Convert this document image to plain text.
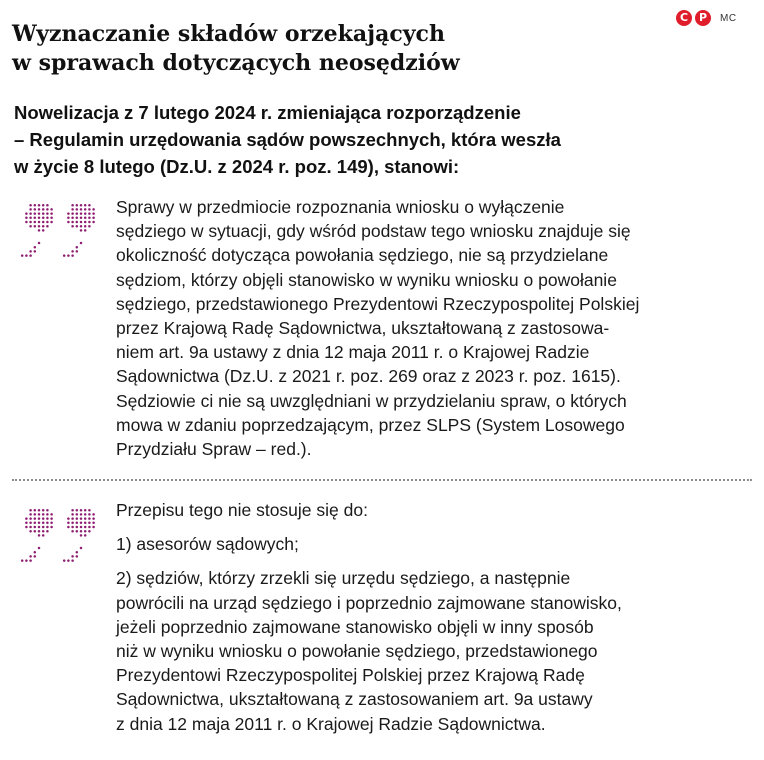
C P	MC
Wyznaczanie składów orzekających
w sprawach dotyczących neosędziów

Nowelizacja z 7 lutego 2024 r. zmieniająca rozporządzenie
– Regulamin urzędowania sądów powszechnych, która weszła
w życie 8 lutego (Dz.U. z 2024 r. poz. 149), stanowi:

Sprawy w przedmiocie rozpoznania wniosku o wyłączenie
sędziego w sytuacji, gdy wśród podstaw tego wniosku znajduje się
okoliczność dotycząca powołania sędziego, nie są przydzielane
sędziom, którzy objęli stanowisko w wyniku wniosku o powołanie
sędziego, przedstawionego Prezydentowi Rzeczypospolitej Polskiej
przez Krajową Radę Sądownictwa, ukształtowaną z zastosowa-
niem art. 9a ustawy z dnia 12 maja 2011 r. o Krajowej Radzie
Sądownictwa (Dz.U. z 2021 r. poz. 269 oraz z 2023 r. poz. 1615).
Sędziowie ci nie są uwzględniani w przydzielaniu spraw, o których
mowa w zdaniu poprzedzającym, przez SLPS (System Losowego
Przydziału Spraw – red.).

Przepisu tego nie stosuje się do:

1) asesorów sądowych;

2) sędziów, którzy zrzekli się urzędu sędziego, a następnie
powrócili na urząd sędziego i poprzednio zajmowane stanowisko,
jeżeli poprzednio zajmowane stanowisko objęli w inny sposób
niż w wyniku wniosku o powołanie sędziego, przedstawionego
Prezydentowi Rzeczypospolitej Polskiej przez Krajową Radę
Sądownictwa, ukształtowaną z zastosowaniem art. 9a ustawy
z dnia 12 maja 2011 r. o Krajowej Radzie Sądownictwa.
